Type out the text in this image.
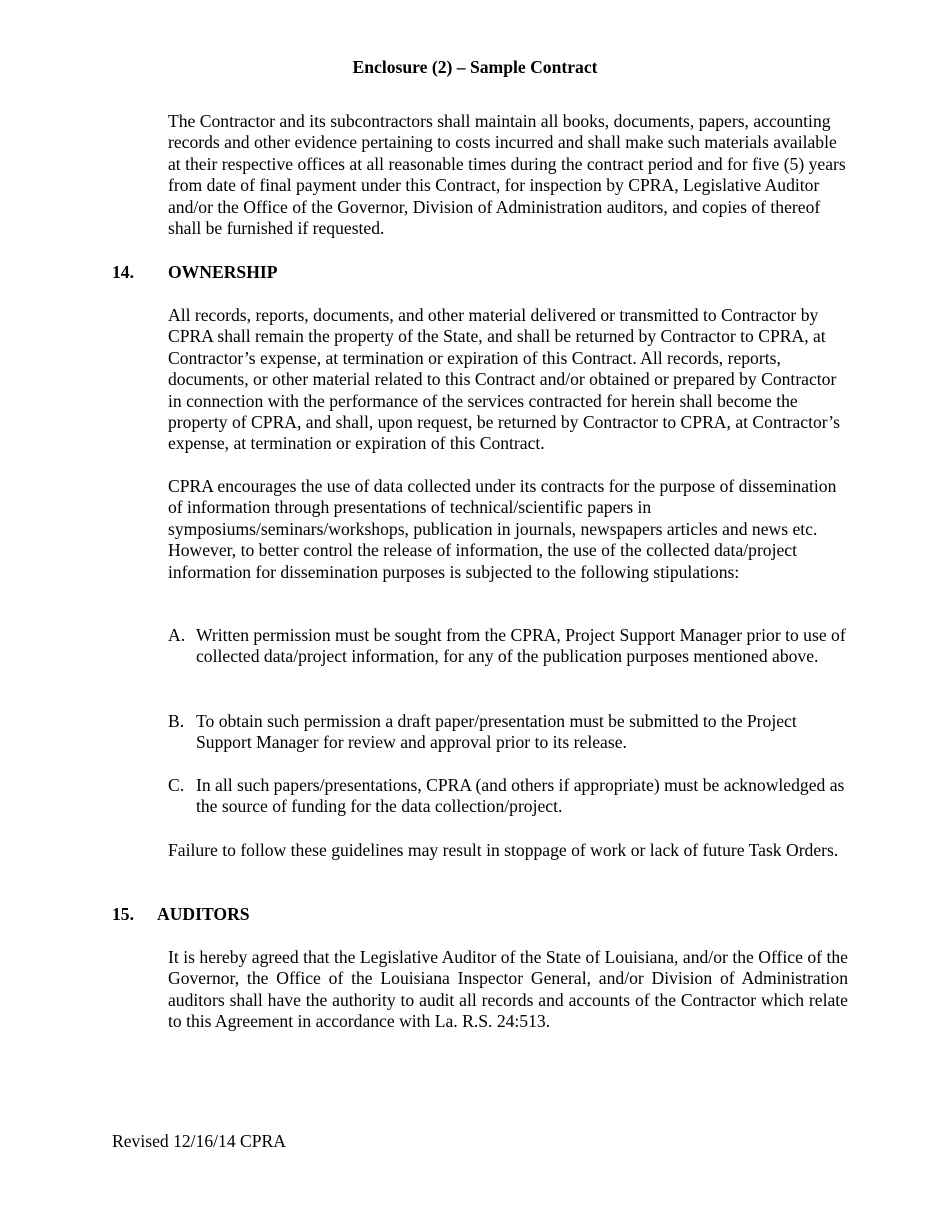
Enclosure (2) – Sample Contract

The Contractor and its subcontractors shall maintain all books, documents, papers, accounting records and other evidence pertaining to costs incurred and shall make such materials available at their respective offices at all reasonable times during the contract period and for five (5) years from date of final payment under this Contract, for inspection by CPRA, Legislative Auditor and/or the Office of the Governor, Division of Administration auditors, and copies of thereof shall be furnished if requested.

14. OWNERSHIP

All records, reports, documents, and other material delivered or transmitted to Contractor by CPRA shall remain the property of the State, and shall be returned by Contractor to CPRA, at Contractor’s expense, at termination or expiration of this Contract. All records, reports, documents, or other material related to this Contract and/or obtained or prepared by Contractor in connection with the performance of the services contracted for herein shall become the property of CPRA, and shall, upon request, be returned by Contractor to CPRA, at Contractor’s expense, at termination or expiration of this Contract.

CPRA encourages the use of data collected under its contracts for the purpose of dissemination of information through presentations of technical/scientific papers in symposiums/seminars/workshops, publication in journals, newspapers articles and news etc. However, to better control the release of information, the use of the collected data/project information for dissemination purposes is subjected to the following stipulations:

A. Written permission must be sought from the CPRA, Project Support Manager prior to use of collected data/project information, for any of the publication purposes mentioned above.
B. To obtain such permission a draft paper/presentation must be submitted to the Project Support Manager for review and approval prior to its release.
C. In all such papers/presentations, CPRA (and others if appropriate) must be acknowledged as the source of funding for the data collection/project.

Failure to follow these guidelines may result in stoppage of work or lack of future Task Orders.

15. AUDITORS

It is hereby agreed that the Legislative Auditor of the State of Louisiana, and/or the Office of the Governor, the Office of the Louisiana Inspector General, and/or Division of Administration auditors shall have the authority to audit all records and accounts of the Contractor which relate to this Agreement in accordance with La. R.S. 24:513.

Revised 12/16/14 CPRA
